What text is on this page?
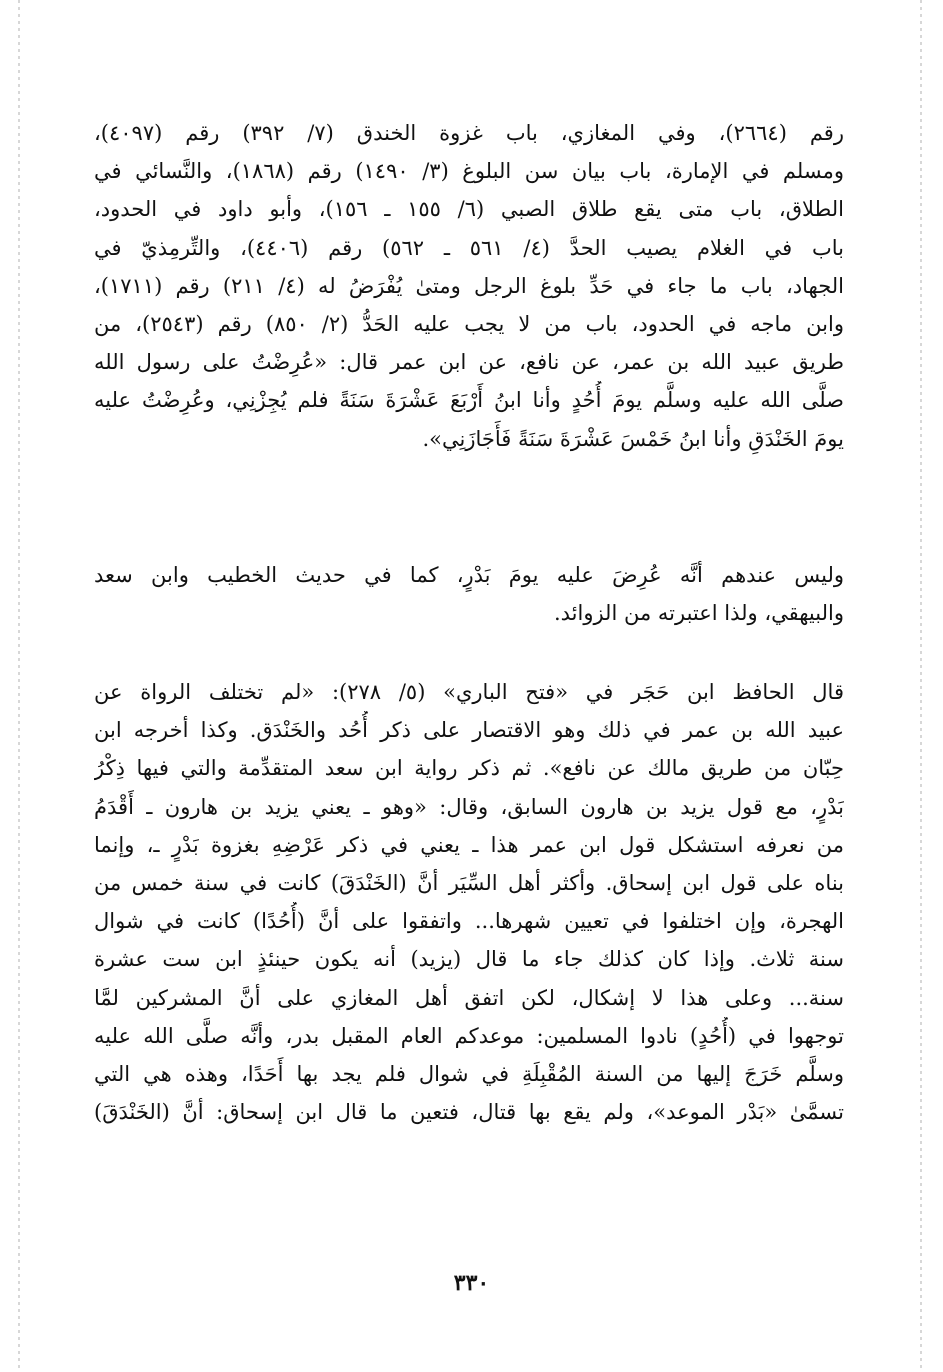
رقم (٢٦٦٤)، وفي المغازي، باب غزوة الخندق (٧/ ٣٩٢) رقم (٤٠٩٧)،
ومسلم في الإمارة، باب بيان سن البلوغ (٣/ ١٤٩٠) رقم (١٨٦٨)، والنَّسائي في
الطلاق، باب متى يقع طلاق الصبي (٦/ ١٥٥ ـ ١٥٦)، وأبو داود في الحدود،
باب في الغلام يصيب الحدَّ (٤/ ٥٦١ ـ ٥٦٢) رقم (٤٤٠٦)، والتِّرمِذيّ في
الجهاد، باب ما جاء في حَدِّ بلوغ الرجل ومتىٰ يُفْرَضُ له (٤/ ٢١١) رقم (١٧١١)،
وابن ماجه في الحدود، باب من لا يجب عليه الحَدُّ (٢/ ٨٥٠) رقم (٢٥٤٣)، من
طريق عبيد الله بن عمر، عن نافع، عن ابن عمر قال: «عُرِضْتُ على رسول الله
صلَّى الله عليه وسلَّم يومَ أُحُدٍ وأنا ابنُ أَرْبَعَ عَشْرَةَ سَنَةً فلم يُجِزْنِي، وعُرِضْتُ عليه
يومَ الخَنْدَقِ وأنا ابنُ خَمْسَ عَشْرَةَ سَنَةً فَأَجَازَنِي».
وليس عندهم أنَّه عُرِضَ عليه يومَ بَدْرٍ، كما في حديث الخطيب وابن سعد
والبيهقي، ولذا اعتبرته من الزوائد.
قال الحافظ ابن حَجَر في «فتح الباري» (٥/ ٢٧٨): «لم تختلف الرواة عن
عبيد الله بن عمر في ذلك وهو الاقتصار على ذكر أُحُد والخَنْدَق. وكذا أخرجه ابن
حِبّان من طريق مالك عن نافع». ثم ذكر رواية ابن سعد المتقدِّمة والتي فيها ذِكْرُ
بَدْرٍ، مع قول يزيد بن هارون السابق، وقال: «وهو ـ يعني يزيد بن هارون ـ أَقْدَمُ
من نعرفه استشكل قول ابن عمر هذا ـ يعني في ذكر عَرْضِهِ بغزوة بَدْرٍ ـ، وإنما
بناه على قول ابن إسحاق. وأكثر أهل السِّيَر أنَّ (الخَنْدَقَ) كانت في سنة خمس من
الهجرة، وإن اختلفوا في تعيين شهرها... واتفقوا على أنَّ (أُحُدًا) كانت في شوال
سنة ثلاث. وإذا كان كذلك جاء ما قال (يزيد) أنه يكون حينئذٍ ابن ست عشرة
سنة... وعلى هذا لا إشكال، لكن اتفق أهل المغازي على أنَّ المشركين لمَّا
توجهوا في (أُحُدٍ) نادوا المسلمين: موعدكم العام المقبل بدر، وأنَّه صلَّى الله عليه
وسلَّم خَرَجَ إليها من السنة المُقْبِلَةِ في شوال فلم يجد بها أَحَدًا، وهذه هي التي
تسمَّىٰ «بَدْر الموعد»، ولم يقع بها قتال، فتعين ما قال ابن إسحاق: أنَّ (الخَنْدَقَ)
٣٣٠
